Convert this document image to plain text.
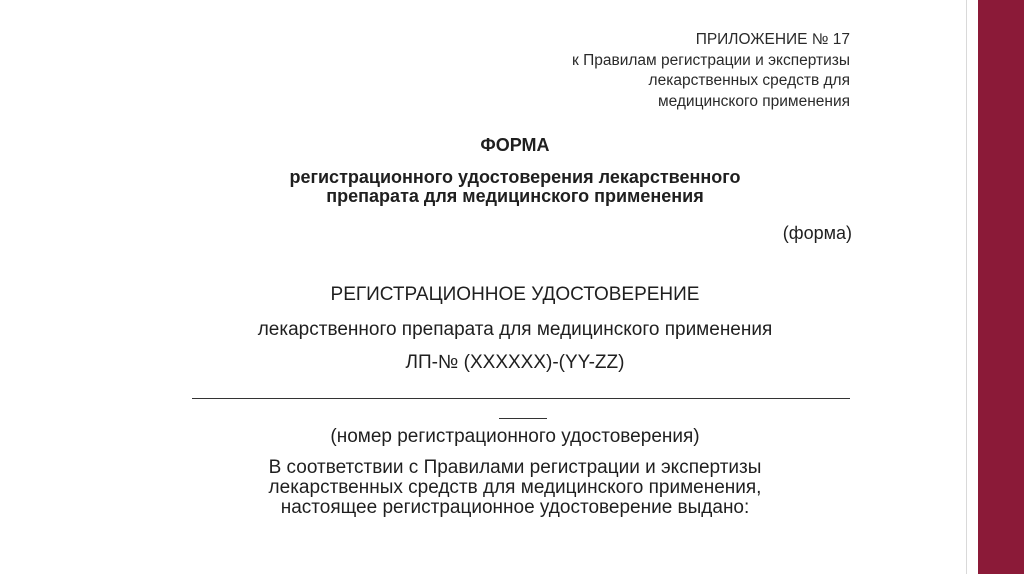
ПРИЛОЖЕНИЕ № 17
к Правилам регистрации и экспертизы
лекарственных средств для
медицинского применения
ФОРМА
регистрационного удостоверения лекарственного
препарата для медицинского применения
(форма)
РЕГИСТРАЦИОННОЕ УДОСТОВЕРЕНИЕ
лекарственного препарата для медицинского применения
ЛП-№ (XXXXXX)-(YY-ZZ)
(номер регистрационного удостоверения)
В соответствии с Правилами регистрации и экспертизы
лекарственных средств для медицинского применения,
настоящее регистрационное удостоверение выдано:
